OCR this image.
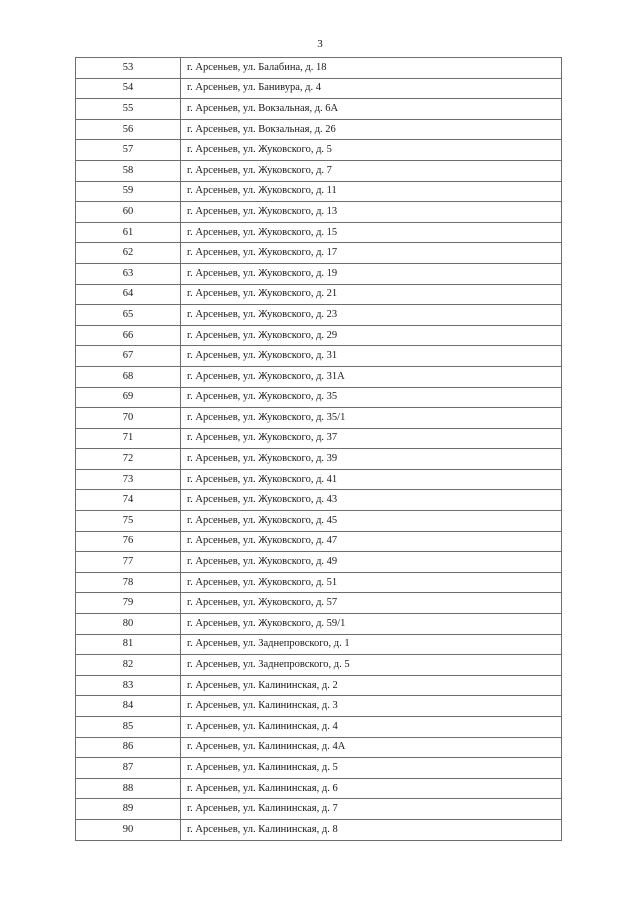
3
53	г. Арсеньев, ул. Балабина, д. 18
54	г. Арсеньев, ул. Банивура, д. 4
55	г. Арсеньев, ул. Вокзальная, д. 6А
56	г. Арсеньев, ул. Вокзальная, д. 26
57	г. Арсеньев, ул. Жуковского, д. 5
58	г. Арсеньев, ул. Жуковского, д. 7
59	г. Арсеньев, ул. Жуковского, д. 11
60	г. Арсеньев, ул. Жуковского, д. 13
61	г. Арсеньев, ул. Жуковского, д. 15
62	г. Арсеньев, ул. Жуковского, д. 17
63	г. Арсеньев, ул. Жуковского, д. 19
64	г. Арсеньев, ул. Жуковского, д. 21
65	г. Арсеньев, ул. Жуковского, д. 23
66	г. Арсеньев, ул. Жуковского, д. 29
67	г. Арсеньев, ул. Жуковского, д. 31
68	г. Арсеньев, ул. Жуковского, д. 31А
69	г. Арсеньев, ул. Жуковского, д. 35
70	г. Арсеньев, ул. Жуковского, д. 35/1
71	г. Арсеньев, ул. Жуковского, д. 37
72	г. Арсеньев, ул. Жуковского, д. 39
73	г. Арсеньев, ул. Жуковского, д. 41
74	г. Арсеньев, ул. Жуковского, д. 43
75	г. Арсеньев, ул. Жуковского, д. 45
76	г. Арсеньев, ул. Жуковского, д. 47
77	г. Арсеньев, ул. Жуковского, д. 49
78	г. Арсеньев, ул. Жуковского, д. 51
79	г. Арсеньев, ул. Жуковского, д. 57
80	г. Арсеньев, ул. Жуковского, д. 59/1
81	г. Арсеньев, ул. Заднепровского, д. 1
82	г. Арсеньев, ул. Заднепровского, д. 5
83	г. Арсеньев, ул. Калининская, д. 2
84	г. Арсеньев, ул. Калининская, д. 3
85	г. Арсеньев, ул. Калининская, д. 4
86	г. Арсеньев, ул. Калининская, д. 4А
87	г. Арсеньев, ул. Калининская, д. 5
88	г. Арсеньев, ул. Калининская, д. 6
89	г. Арсеньев, ул. Калининская, д. 7
90	г. Арсеньев, ул. Калининская, д. 8
